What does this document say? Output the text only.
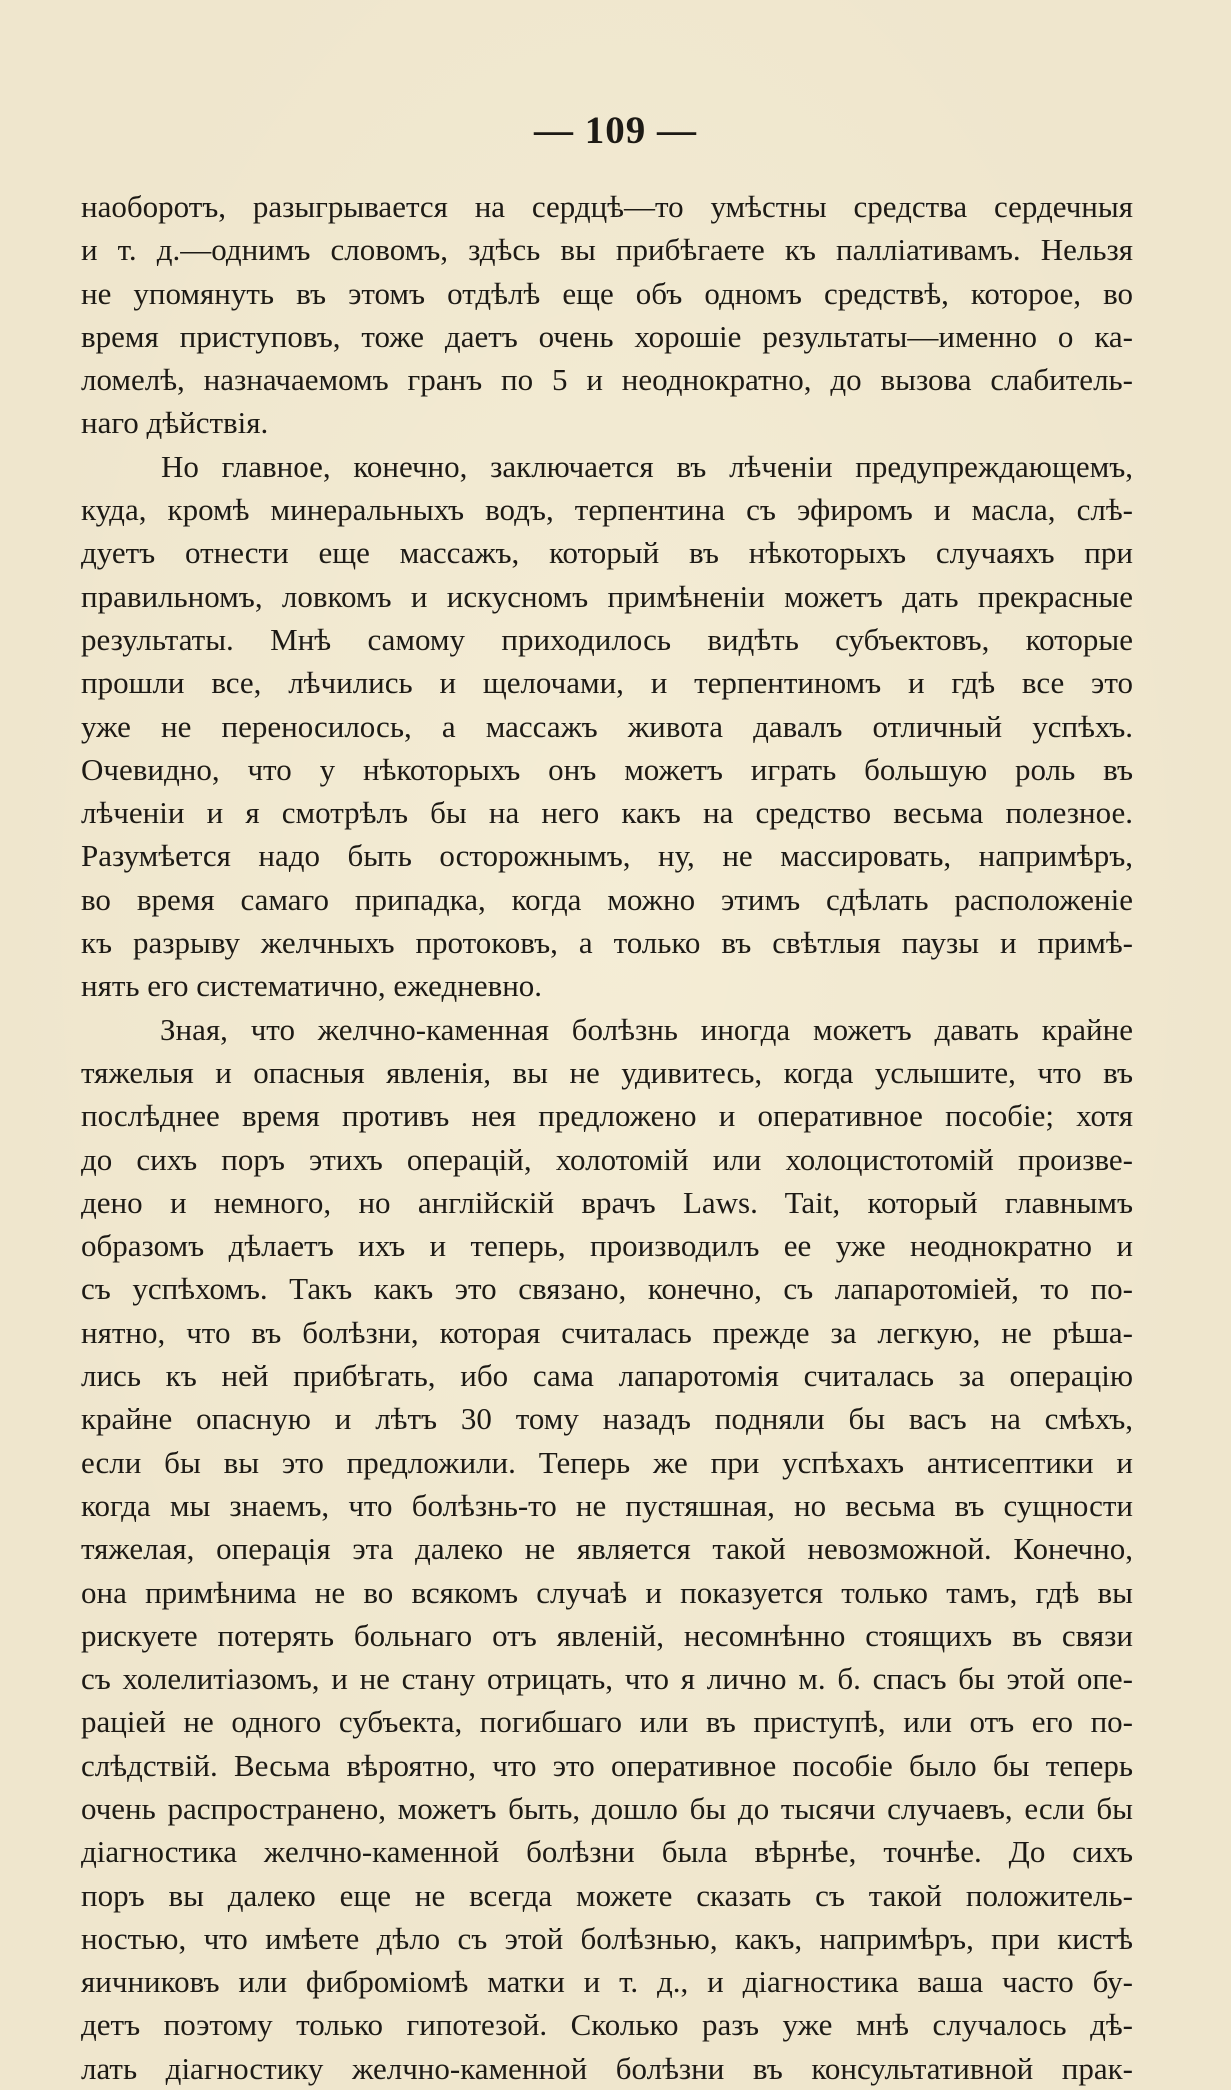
— 109 —
наоборотъ, разыгрывается на сердцѣ—то умѣстны средства сердечныя
и т. д.—однимъ словомъ, здѣсь вы прибѣгаете къ паллiативамъ. Нельзя
не упомянуть въ этомъ отдѣлѣ еще объ одномъ средствѣ, которое, во
время приступовъ, тоже даетъ очень хорошiе результаты—именно о ка-
ломелѣ, назначаемомъ гранъ по 5 и неоднократно, до вызова слабитель-
наго дѣйствiя.
Но главное, конечно, заключается въ лѣченiи предупреждающемъ,
куда, кромѣ минеральныхъ водъ, терпентина съ эфиромъ и масла, слѣ-
дуетъ отнести еще массажъ, который въ нѣкоторыхъ случаяхъ при
правильномъ, ловкомъ и искусномъ примѣненiи можетъ дать прекрасные
результаты. Мнѣ самому приходилось видѣть субъектовъ, которые
прошли все, лѣчились и щелочами, и терпентиномъ и гдѣ все это
уже не переносилось, а массажъ живота давалъ отличный успѣхъ.
Очевидно, что у нѣкоторыхъ онъ можетъ играть большую роль въ
лѣченiи и я смотрѣлъ бы на него какъ на средство весьма полезное.
Разумѣется надо быть осторожнымъ, ну, не массировать, напримѣръ,
во время самаго припадка, когда можно этимъ сдѣлать расположенiе
къ разрыву желчныхъ протоковъ, а только въ свѣтлыя паузы и примѣ-
нять его систематично, ежедневно.
Зная, что желчно-каменная болѣзнь иногда можетъ давать крайне
тяжелыя и опасныя явленiя, вы не удивитесь, когда услышите, что въ
послѣднее время противъ нея предложено и оперативное пособiе; хотя
до сихъ поръ этихъ операцiй, холотомiй или холоцистотомiй произве-
дено и немного, но англiйскiй врачъ Laws. Tait, который главнымъ
образомъ дѣлаетъ ихъ и теперь, производилъ ее уже неоднократно и
съ успѣхомъ. Такъ какъ это связано, конечно, съ лапаротомiей, то по-
нятно, что въ болѣзни, которая считалась прежде за легкую, не рѣша-
лись къ ней прибѣгать, ибо сама лапаротомiя считалась за операцiю
крайне опасную и лѣтъ 30 тому назадъ подняли бы васъ на смѣхъ,
если бы вы это предложили. Теперь же при успѣхахъ антисептики и
когда мы знаемъ, что болѣзнь-то не пустяшная, но весьма въ сущности
тяжелая, операцiя эта далеко не является такой невозможной. Конечно,
она примѣнима не во всякомъ случаѣ и показуется только тамъ, гдѣ вы
рискуете потерять больнаго отъ явленiй, несомнѣнно стоящихъ въ связи
съ холелитiазомъ, и не стану отрицать, что я лично м. б. спасъ бы этой опе-
рацiей не одного субъекта, погибшаго или въ приступѣ, или отъ его по-
слѣдствiй. Весьма вѣроятно, что это оперативное пособiе было бы теперь
очень распространено, можетъ быть, дошло бы до тысячи случаевъ, если бы
дiагностика желчно-каменной болѣзни была вѣрнѣе, точнѣе. До сихъ
поръ вы далеко еще не всегда можете сказать съ такой положитель-
ностью, что имѣете дѣло съ этой болѣзнью, какъ, напримѣръ, при кистѣ
яичниковъ или фибромiомѣ матки и т. д., и дiагностика ваша часто бу-
детъ поэтому только гипотезой. Сколько разъ уже мнѣ случалось дѣ-
лать дiагностику желчно-каменной болѣзни въ консультативной прак-
